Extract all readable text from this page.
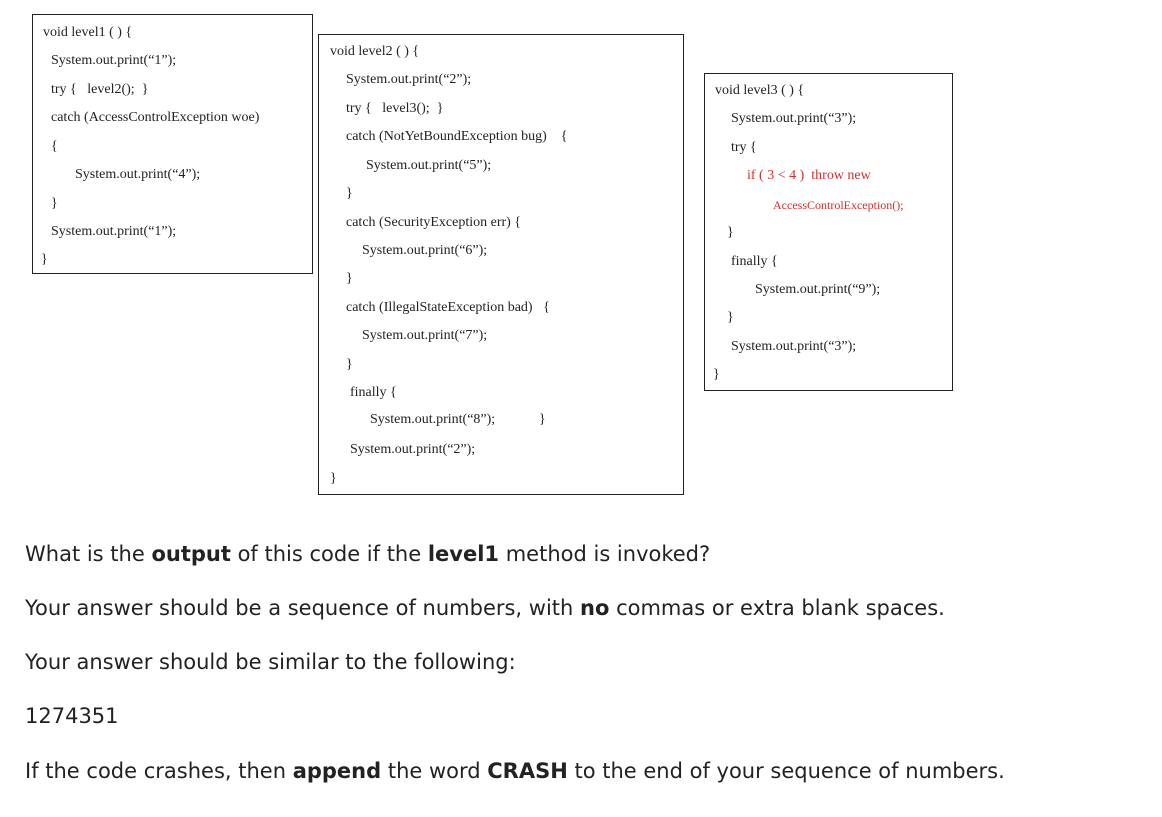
void level1 ( ) {
System.out.print(“1”);
try {   level2();  }
catch (AccessControlException woe)
{
System.out.print(“4”);
}
System.out.print(“1”);
}
void level2 ( ) {
System.out.print(“2”);
try {   level3();  }
catch (NotYetBoundException bug)    {
System.out.print(“5”);
}
catch (SecurityException err) {
System.out.print(“6”);
}
catch (IllegalStateException bad)   {
System.out.print(“7”);
}
finally {
System.out.print(“8”);	}
System.out.print(“2”);
}
void level3 ( ) {
System.out.print(“3”);
try {
if ( 3 < 4 )  throw new
AccessControlException();
}
finally {
System.out.print(“9”);
}
System.out.print(“3”);
}
What is the output of this code if the level1 method is invoked?
Your answer should be a sequence of numbers, with no commas or extra blank spaces.
Your answer should be similar to the following:
1274351
If the code crashes, then append the word CRASH to the end of your sequence of numbers.
